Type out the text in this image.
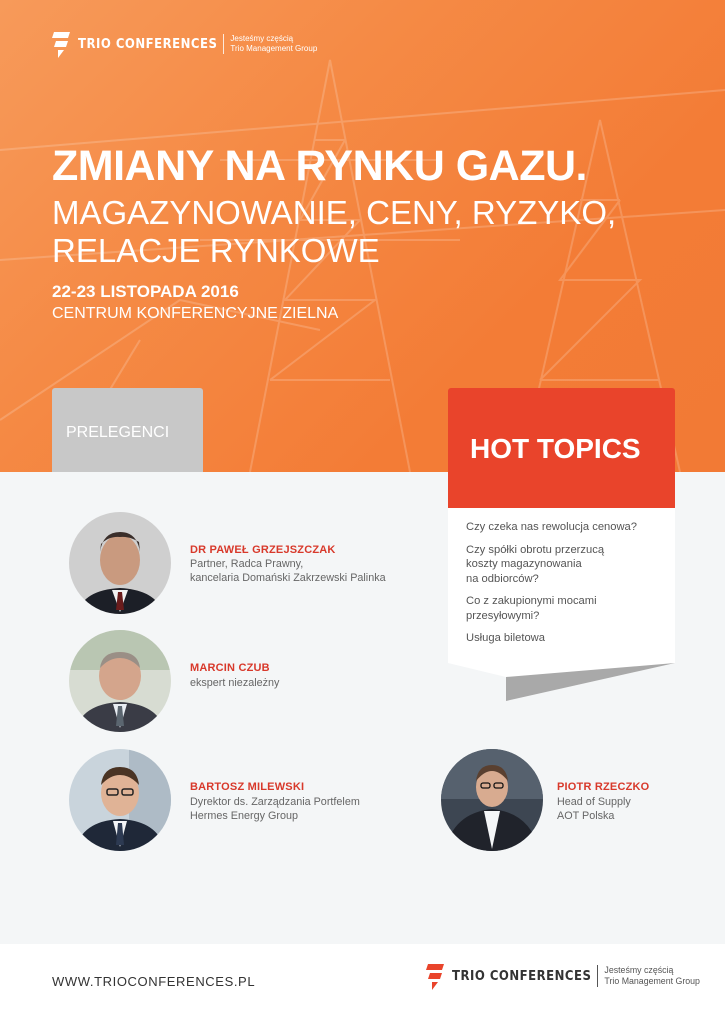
TRIO CONFERENCES Jesteśmy częścią
Trio Management Group
ZMIANY NA RYNKU GAZU.
MAGAZYNOWANIE, CENY, RYZYKO,
RELACJE RYNKOWE
22-23 LISTOPADA 2016
CENTRUM KONFERENCYJNE ZIELNA
PRELEGENCI
HOT TOPICS
Czy czeka nas rewolucja cenowa?
Czy spółki obrotu przerzucą
koszty magazynowania
na odbiorców?
Co z zakupionymi mocami
przesyłowymi?
Usługa biletowa
DR PAWEŁ GRZEJSZCZAK
Partner, Radca Prawny,
kancelaria Domański Zakrzewski Palinka
MARCIN CZUB
ekspert niezależny
BARTOSZ MILEWSKI
Dyrektor ds. Zarządzania Portfelem
Hermes Energy Group
PIOTR RZECZKO
Head of Supply
AOT Polska
WWW.TRIOCONFERENCES.PL	TRIO CONFERENCES Jesteśmy częścią
Trio Management Group
